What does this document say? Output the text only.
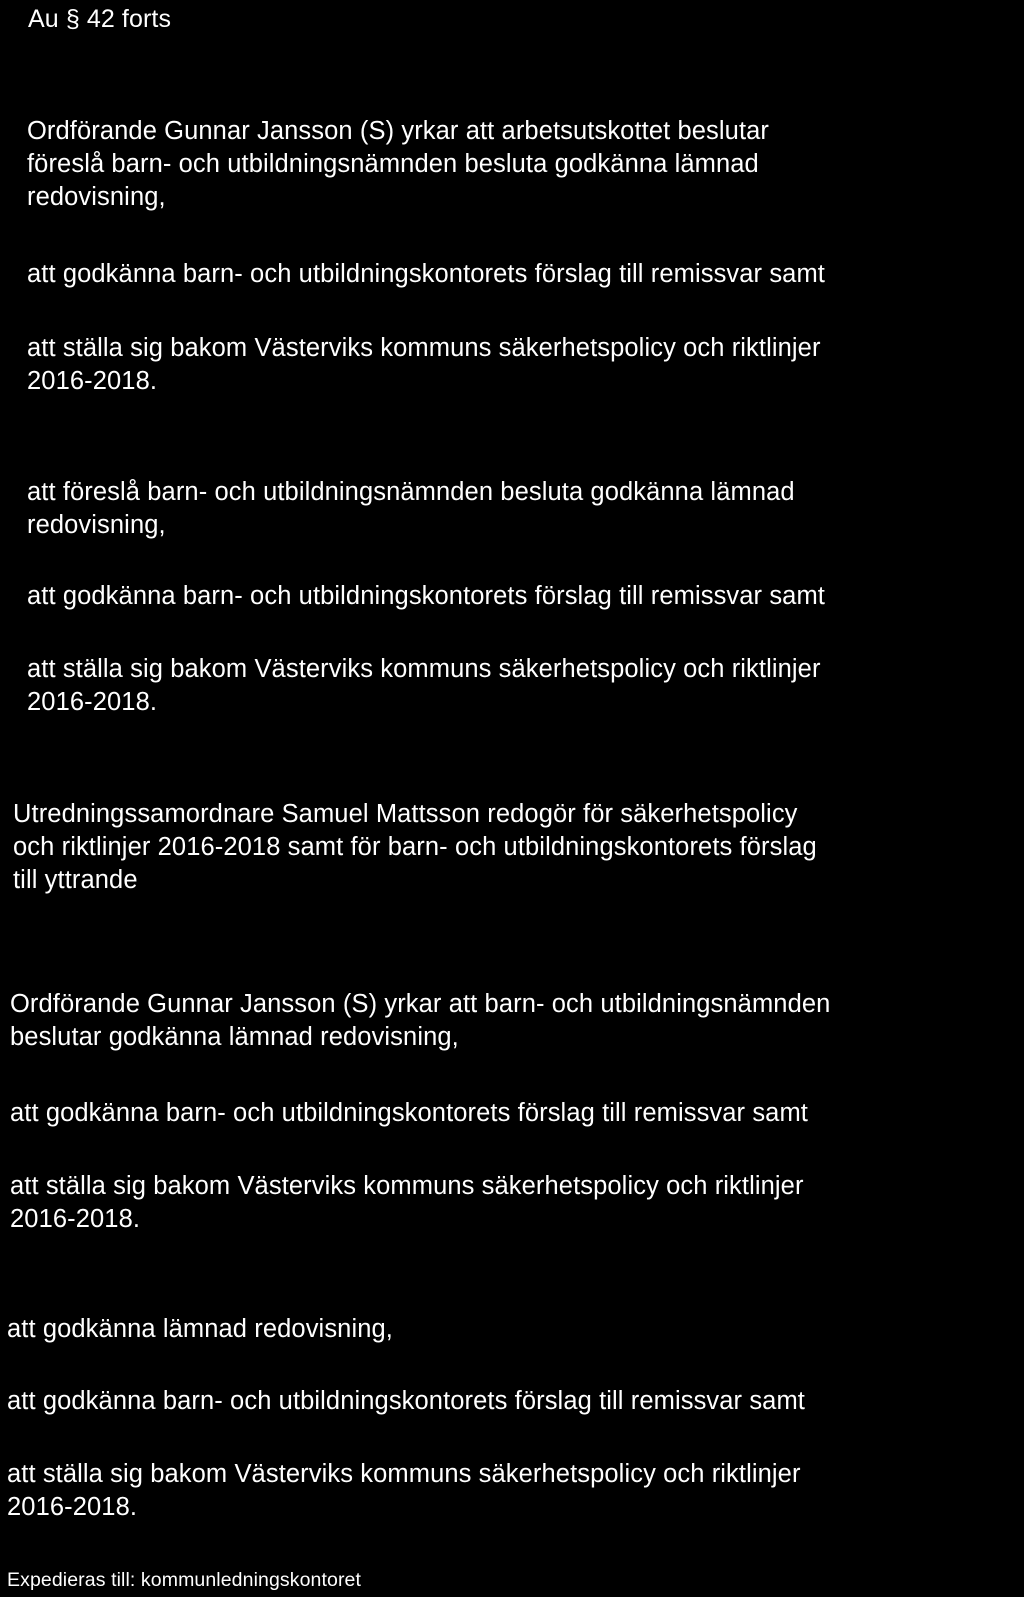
Au § 42 forts

Ordförande Gunnar Jansson (S) yrkar att arbetsutskottet beslutar
föreslå barn- och utbildningsnämnden besluta godkänna lämnad
redovisning,

att godkänna barn- och utbildningskontorets förslag till remissvar samt

att ställa sig bakom Västerviks kommuns säkerhetspolicy och riktlinjer
2016-2018.

att föreslå barn- och utbildningsnämnden besluta godkänna lämnad
redovisning,

att godkänna barn- och utbildningskontorets förslag till remissvar samt

att ställa sig bakom Västerviks kommuns säkerhetspolicy och riktlinjer
2016-2018.

Utredningssamordnare Samuel Mattsson redogör för säkerhetspolicy
och riktlinjer 2016-2018 samt för barn- och utbildningskontorets förslag
till yttrande

Ordförande Gunnar Jansson (S) yrkar att barn- och utbildningsnämnden
beslutar godkänna lämnad redovisning,

att godkänna barn- och utbildningskontorets förslag till remissvar samt

att ställa sig bakom Västerviks kommuns säkerhetspolicy och riktlinjer
2016-2018.

att godkänna lämnad redovisning,

att godkänna barn- och utbildningskontorets förslag till remissvar samt

att ställa sig bakom Västerviks kommuns säkerhetspolicy och riktlinjer
2016-2018.

Expedieras till: kommunledningskontoret
